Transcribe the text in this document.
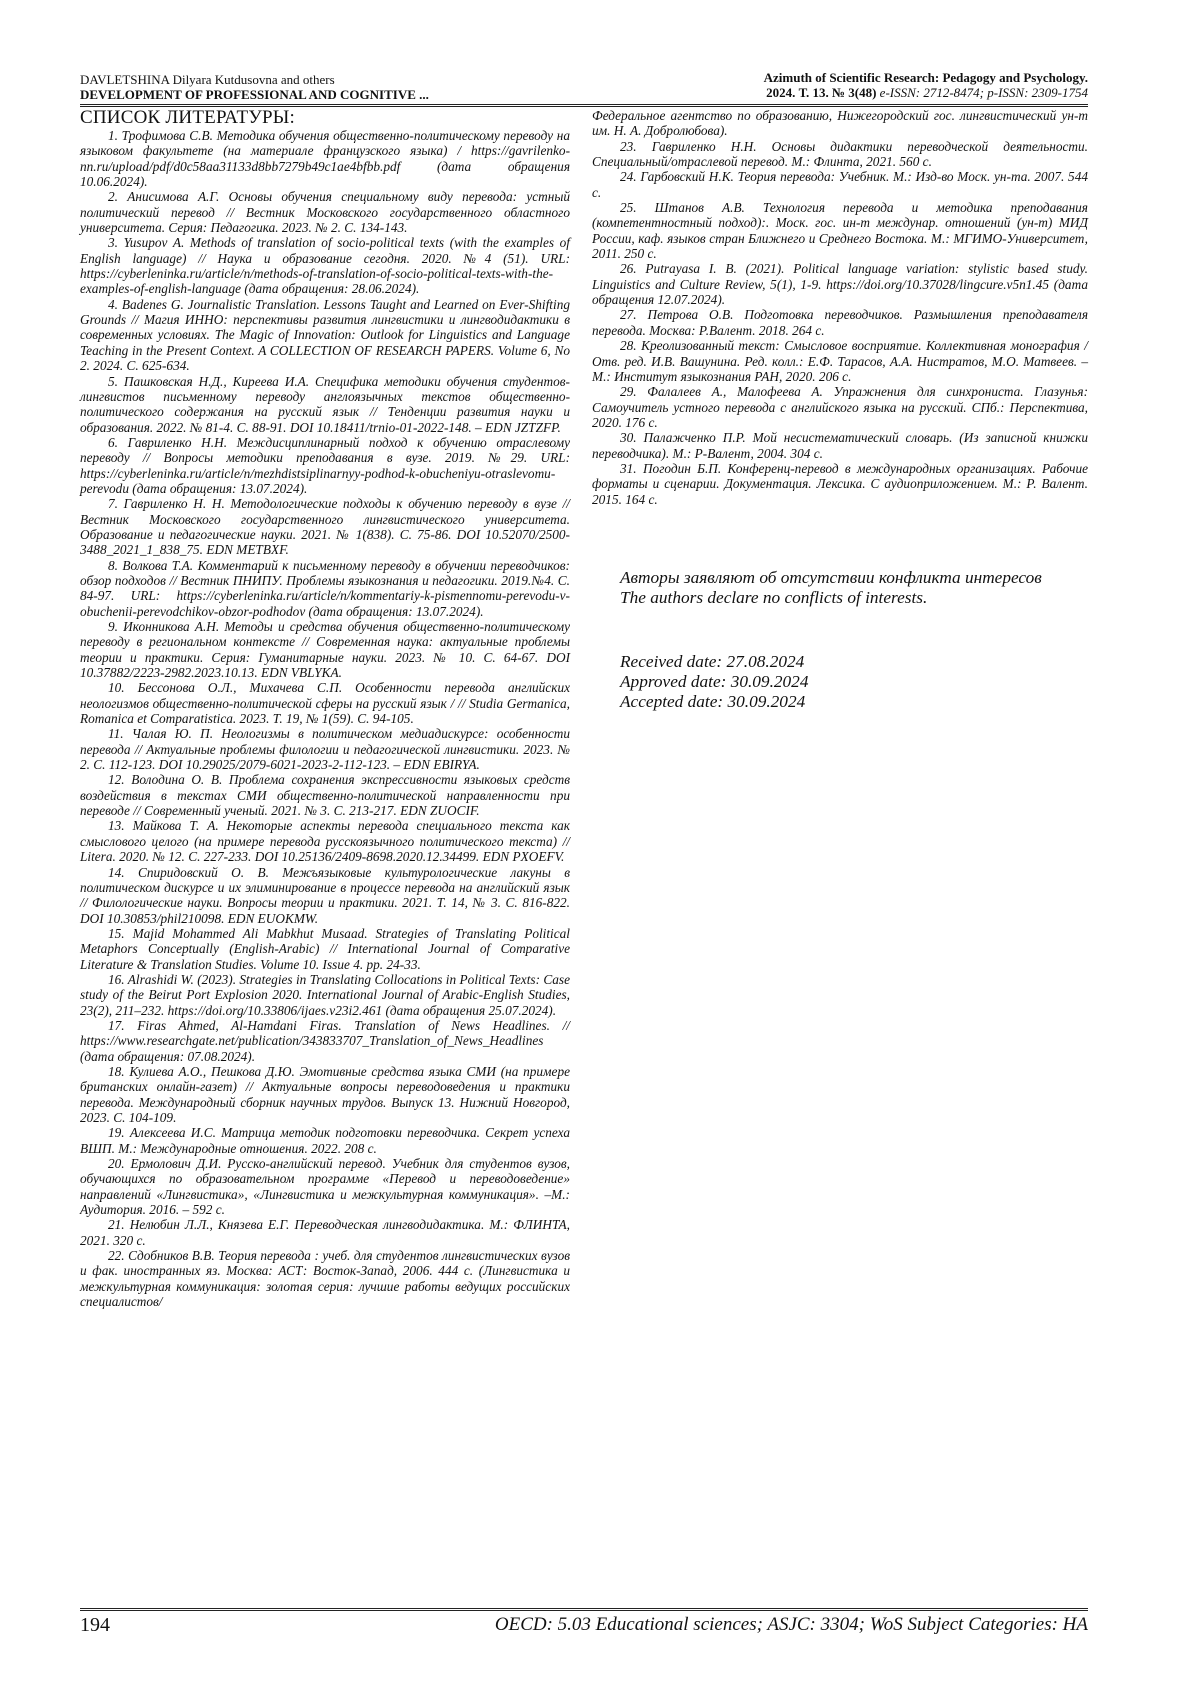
DAVLETSHINA Dilyara Kutdusovna and others
DEVELOPMENT OF PROFESSIONAL AND COGNITIVE ...
Azimuth of Scientific Research: Pedagogy and Psychology.
2024. Т. 13. № 3(48) e-ISSN: 2712-8474; p-ISSN: 2309-1754
СПИСОК ЛИТЕРАТУРЫ:

1. Трофимова С.В. Методика обучения общественно-политическому переводу на языковом факультете (на материале французского языка) / https://gavrilenko-nn.ru/upload/pdf/d0c58aa31133d8bb7279b49c1ae4bfbb.pdf (дата обращения 10.06.2024).

2. Анисимова А.Г. Основы обучения специальному виду перевода: устный политический перевод // Вестник Московского государственного областного университета. Серия: Педагогика. 2023. № 2. С. 134-143.

3. Yusupov A. Methods of translation of socio-political texts (with the examples of English language) // Наука и образование сегодня. 2020. №4 (51). URL: https://cyberleninka.ru/article/n/methods-of-translation-of-socio-political-texts-with-the-examples-of-english-language (дата обращения: 28.06.2024).

4. Badenes G. Journalistic Translation. Lessons Taught and Learned on Ever-Shifting Grounds // Магия ИННО: перспективы развития лингвистики и лингводидактики в современных условиях. The Magic of Innovation: Outlook for Linguistics and Language Teaching in the Present Context. A COLLECTION OF RESEARCH PAPERS. Volume 6, No 2. 2024. С. 625-634.

5. Пашковская Н.Д., Киреева И.А. Специфика методики обучения студентов-лингвистов письменному переводу англоязычных текстов общественно-политического содержания на русский язык // Тенденции развития науки и образования. 2022. № 81-4. С. 88-91. DOI 10.18411/trnio-01-2022-148. – EDN JZTZFP.

6. Гавриленко Н.Н. Междисциплинарный подход к обучению отраслевому переводу // Вопросы методики преподавания в вузе. 2019. №29. URL: https://cyberleninka.ru/article/n/mezhdistsiplinarnyy-podhod-k-obucheniyu-otraslevomu-perevodu (дата обращения: 13.07.2024).

7. Гавриленко Н. Н. Методологические подходы к обучению переводу в вузе // Вестник Московского государственного лингвистического университета. Образование и педагогические науки. 2021. № 1(838). С. 75-86. DOI 10.52070/2500-3488_2021_1_838_75. EDN METBXF.

8. Волкова Т.А. Комментарий к письменному переводу в обучении переводчиков: обзор подходов // Вестник ПНИПУ. Проблемы языкознания и педагогики. 2019.№4. С. 84-97. URL: https://cyberleninka.ru/article/n/kommentariy-k-pismennomu-perevodu-v-obuchenii-perevodchikov-obzor-podhodov (дата обращения: 13.07.2024).

9. Иконникова А.Н. Методы и средства обучения общественно-политическому переводу в региональном контексте // Современная наука: актуальные проблемы теории и практики. Серия: Гуманитарные науки. 2023. № 10. С. 64-67. DOI 10.37882/2223-2982.2023.10.13. EDN VBLYKA.

10. Бессонова О.Л., Михачева С.П. Особенности перевода английских неологизмов общественно-политической сферы на русский язык / // Studia Germanica, Romanica et Comparatistica. 2023. Т. 19, № 1(59). С. 94-105.

11. Чалая Ю. П. Неологизмы в политическом медиадискурсе: особенности перевода // Актуальные проблемы филологии и педагогической лингвистики. 2023. № 2. С. 112-123. DOI 10.29025/2079-6021-2023-2-112-123. – EDN EBIRYA.

12. Володина О. В. Проблема сохранения экспрессивности языковых средств воздействия в текстах СМИ общественно-политической направленности при переводе // Современный ученый. 2021. № 3. С. 213-217. EDN ZUOCIF.

13. Майкова Т. А. Некоторые аспекты перевода специального текста как смыслового целого (на примере перевода русскоязычного политического текста) // Litera. 2020. № 12. С. 227-233. DOI 10.25136/2409-8698.2020.12.34499. EDN PXOEFV.

14. Спиридовский О. В. Межъязыковые культурологические лакуны в политическом дискурсе и их элиминирование в процессе перевода на английский язык // Филологические науки. Вопросы теории и практики. 2021. Т. 14, № 3. С. 816-822. DOI 10.30853/phil210098. EDN EUOKMW.

15. Majid Mohammed Ali Mabkhut Musaad. Strategies of Translating Political Metaphors Conceptually (English-Arabic) // International Journal of Comparative Literature & Translation Studies. Volume 10. Issue 4. pp. 24-33.

16. Alrashidi W. (2023). Strategies in Translating Collocations in Political Texts: Case study of the Beirut Port Explosion 2020. International Journal of Arabic-English Studies, 23(2), 211–232. https://doi.org/10.33806/ijaes.v23i2.461 (дата обращения 25.07.2024).

17. Firas Ahmed, Al-Hamdani Firas. Translation of News Headlines. // https://www.researchgate.net/publication/343833707_Translation_of_News_Headlines (дата обращения: 07.08.2024).

18. Кулиева А.О., Пешкова Д.Ю. Эмотивные средства языка СМИ (на примере британских онлайн-газет) // Актуальные вопросы переводоведения и практики перевода. Международный сборник научных трудов. Выпуск 13. Нижний Новгород, 2023. С. 104-109.

19. Алексеева И.С. Матрица методик подготовки переводчика. Секрет успеха ВШП. М.: Международные отношения. 2022. 208 с.

20. Ермолович Д.И. Русско-английский перевод. Учебник для студентов вузов, обучающихся по образовательном программе «Перевод и переводоведение» направлений «Лингвистика», «Лингвистика и межкультурная коммуникация». –М.: Аудитория. 2016. – 592 с.

21. Нелюбин Л.Л., Князева Е.Г. Переводческая лингводидактика. М.: ФЛИНТА, 2021. 320 с.

22. Сдобников В.В. Теория перевода : учеб. для студентов лингвистических вузов и фак. иностранных яз. Москва: АСТ: Восток-Запад, 2006. 444 с. (Лингвистика и межкультурная коммуникация: золотая серия: лучшие работы ведущих российских специалистов/

Федеральное агентство по образованию, Нижегородский гос. лингвистический ун-т им. Н. А. Добролюбова).

23. Гавриленко Н.Н. Основы дидактики переводческой деятельности. Специальный/отраслевой перевод. М.: Флинта, 2021. 560 с.

24. Гарбовский Н.К. Теория перевода: Учебник. М.: Изд-во Моск. ун-та. 2007. 544 с.

25. Штанов А.В. Технология перевода и методика преподавания (компетентностный подход):. Моск. гос. ин-т междунар. отношений (ун-т) МИД России, каф. языков стран Ближнего и Среднего Востока. М.: МГИМО-Университет, 2011. 250 с.

26. Putrayasa I. B. (2021). Political language variation: stylistic based study. Linguistics and Culture Review, 5(1), 1-9. https://doi.org/10.37028/lingcure.v5n1.45 (дата обращения 12.07.2024).

27. Петрова О.В. Подготовка переводчиков. Размышления преподавателя перевода. Москва: Р.Валент. 2018. 264 с.

28. Креолизованный текст: Смысловое восприятие. Коллективная монография / Отв. ред. И.В. Вашунина. Ред. колл.: Е.Ф. Тарасов, А.А. Нистратов, М.О. Матвеев. – М.: Институт языкознания РАН, 2020. 206 с.

29. Фалалеев А., Малофеева А. Упражнения для синхрониста. Глазунья: Самоучитель устного перевода с английского языка на русский. СПб.: Перспектива, 2020. 176 с.

30. Палажченко П.Р. Мой несистематический словарь. (Из записной книжки переводчика). М.: Р-Валент, 2004. 304 с.

31. Погодин Б.П. Конференц-перевод в международных организациях. Рабочие форматы и сценарии. Документация. Лексика. С аудиоприложением. М.: Р. Валент. 2015. 164 с.

Авторы заявляют об отсутствии конфликта интересов

The authors declare no conflicts of interests.

Received date: 27.08.2024
Approved date: 30.09.2024
Accepted date: 30.09.2024
194	OECD: 5.03 Educational sciences; ASJC: 3304; WoS Subject Categories: HA
